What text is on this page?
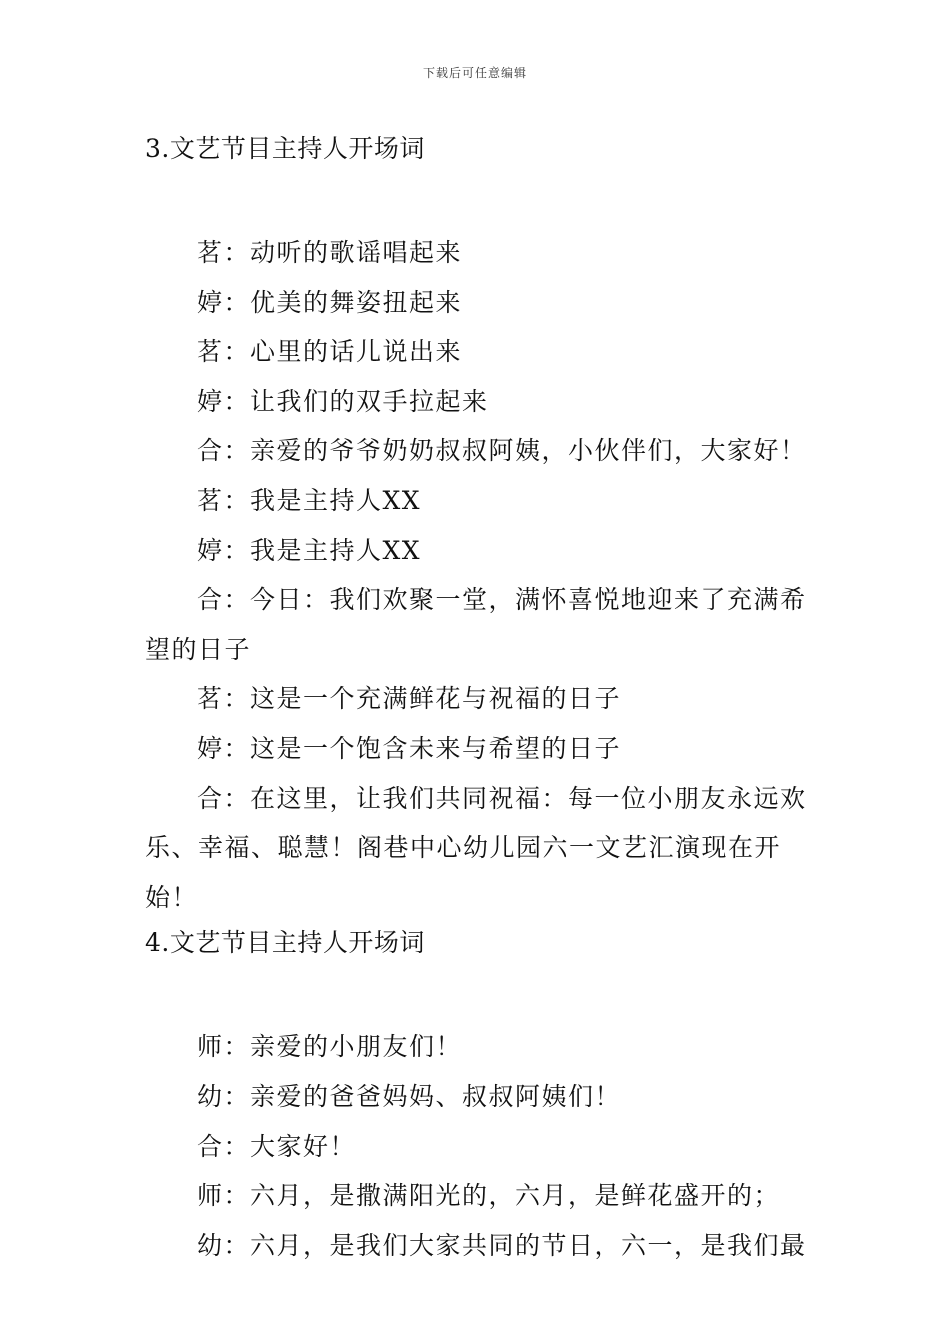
下载后可任意编辑
3.文艺节目主持人开场词

茗：动听的歌谣唱起来

婷：优美的舞姿扭起来

茗：心里的话儿说出来

婷：让我们的双手拉起来

合：亲爱的爷爷奶奶叔叔阿姨，小伙伴们，大家好！

茗：我是主持人XX

婷：我是主持人XX

合：今日：我们欢聚一堂，满怀喜悦地迎来了充满希望的日子

茗：这是一个充满鲜花与祝福的日子

婷：这是一个饱含未来与希望的日子

合：在这里，让我们共同祝福：每一位小朋友永远欢乐、幸福、聪慧！阁巷中心幼儿园六一文艺汇演现在开始！

4.文艺节目主持人开场词

师：亲爱的小朋友们！

幼：亲爱的爸爸妈妈、叔叔阿姨们！

合：大家好！

师：六月，是撒满阳光的，六月，是鲜花盛开的；

幼：六月，是我们大家共同的节日，六一，是我们最
